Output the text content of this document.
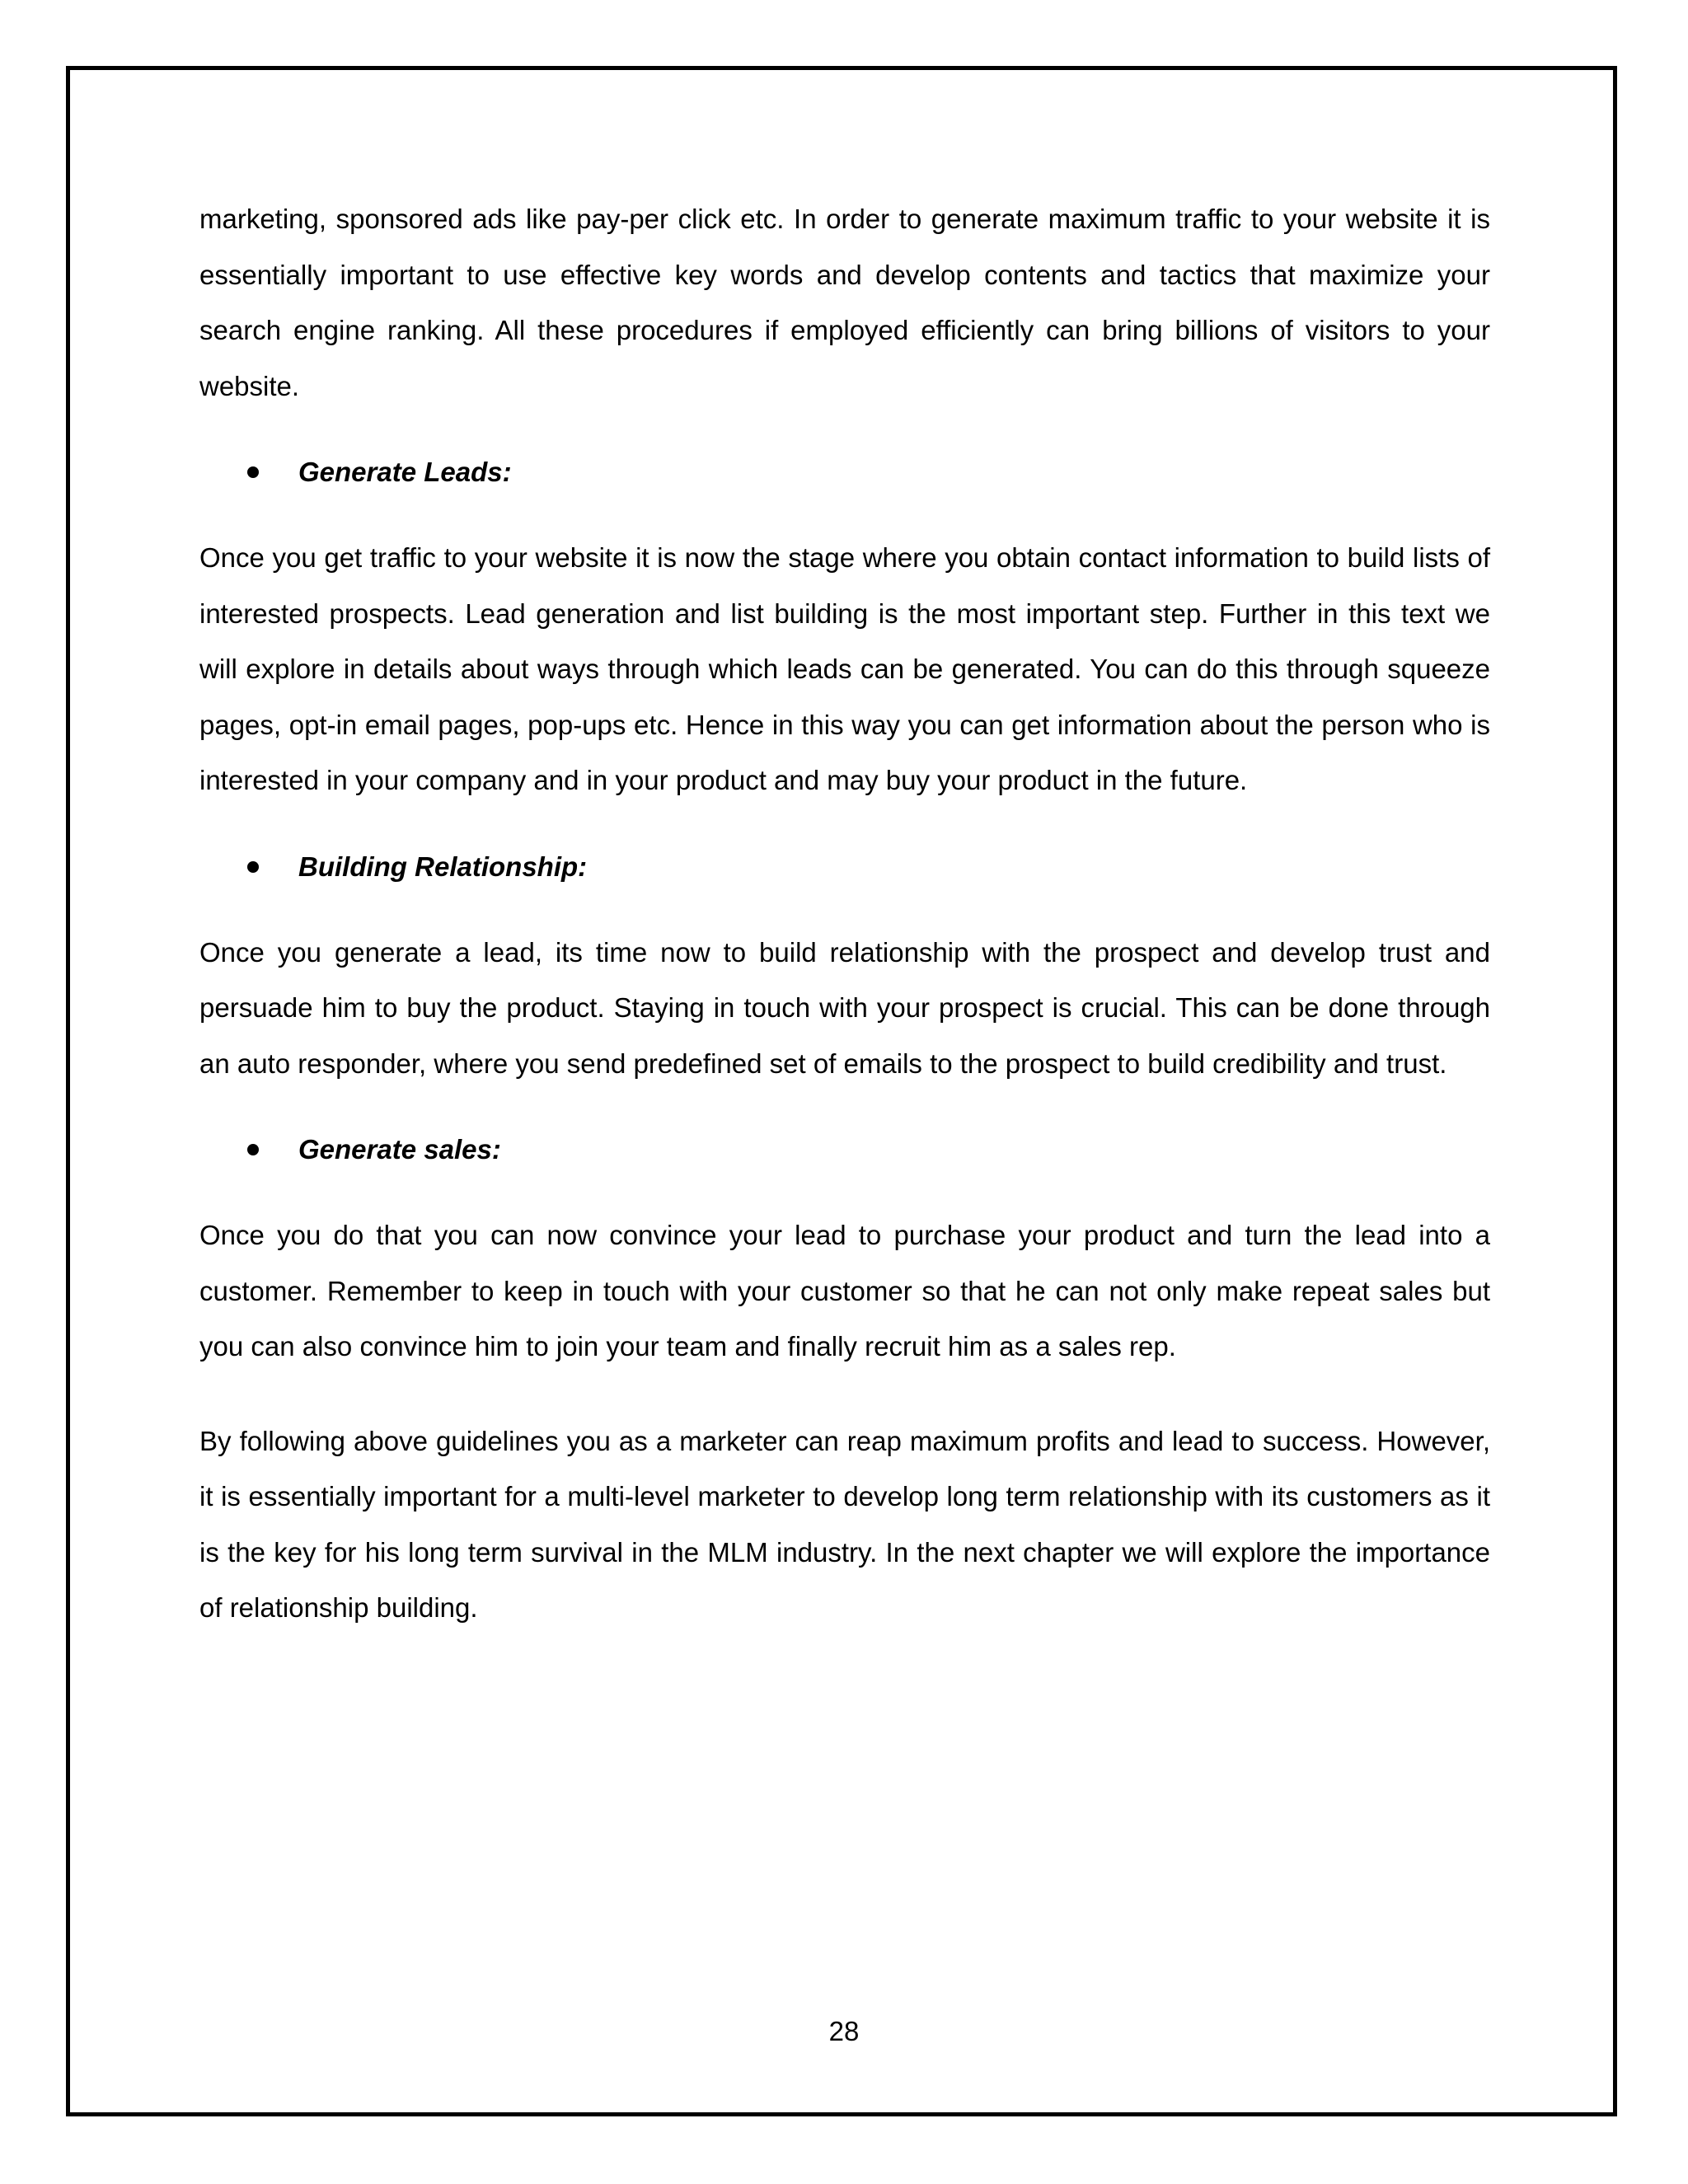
marketing, sponsored ads like pay-per click etc. In order to generate maximum traffic to your website it is essentially important to use effective key words and develop contents and tactics that maximize your search engine ranking. All these procedures if employed efficiently can bring billions of visitors to your website.

Generate Leads:

Once you get traffic to your website it is now the stage where you obtain contact information to build lists of interested prospects. Lead generation and list building is the most important step. Further in this text we will explore in details about ways through which leads can be generated. You can do this through squeeze pages, opt-in email pages, pop-ups etc. Hence in this way you can get information about the person who is interested in your company and in your product and may buy your product in the future.

Building Relationship:

Once you generate a lead, its time now to build relationship with the prospect and develop trust and persuade him to buy the product. Staying in touch with your prospect is crucial. This can be done through an auto responder, where you send predefined set of emails to the prospect to build credibility and trust.

Generate sales:

Once you do that you can now convince your lead to purchase your product and turn the lead into a customer. Remember to keep in touch with your customer so that he can not only make repeat sales but you can also convince him to join your team and finally recruit him as a sales rep.

By following above guidelines you as a marketer can reap maximum profits and lead to success. However, it is essentially important for a multi-level marketer to develop long term relationship with its customers as it is the key for his long term survival in the MLM industry. In the next chapter we will explore the importance of relationship building.

28
